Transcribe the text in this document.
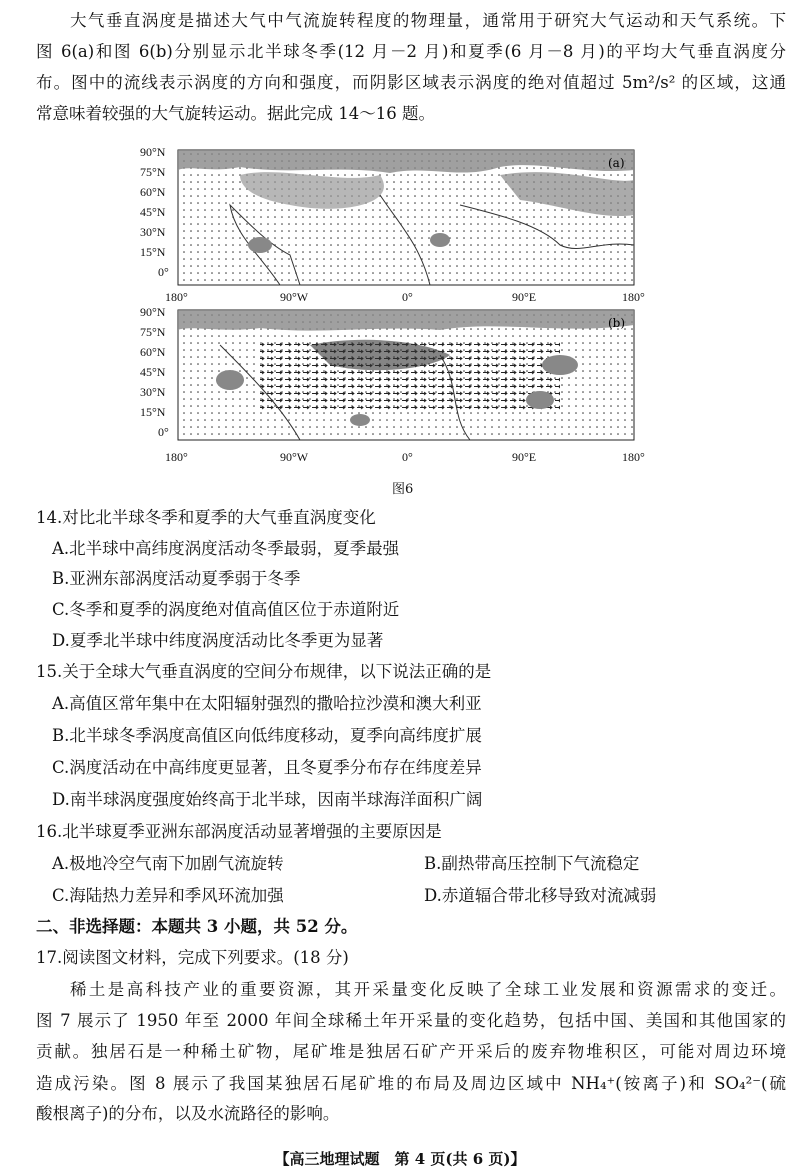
大气垂直涡度是描述大气中气流旋转程度的物理量，通常用于研究大气运动和天气系统。下
图 6(a)和图 6(b)分别显示北半球冬季(12 月－2 月)和夏季(6 月－8 月)的平均大气垂直涡度分
布。图中的流线表示涡度的方向和强度，而阴影区域表示涡度的绝对值超过 5m²/s² 的区域，这通
常意味着较强的大气旋转运动。据此完成 14～16 题。
(a)
(b)
90°N
75°N
60°N
45°N
30°N
15°N
0°
180°	90°W	0°	90°E	180°
90°N
75°N
60°N
45°N
30°N
15°N
0°
180°	90°W	0°	90°E	180°
图6
14.对比北半球冬季和夏季的大气垂直涡度变化
A.北半球中高纬度涡度活动冬季最弱，夏季最强
B.亚洲东部涡度活动夏季弱于冬季
C.冬季和夏季的涡度绝对值高值区位于赤道附近
D.夏季北半球中纬度涡度活动比冬季更为显著
15.关于全球大气垂直涡度的空间分布规律，以下说法正确的是
A.高值区常年集中在太阳辐射强烈的撒哈拉沙漠和澳大利亚
B.北半球冬季涡度高值区向低纬度移动，夏季向高纬度扩展
C.涡度活动在中高纬度更显著，且冬夏季分布存在纬度差异
D.南半球涡度强度始终高于北半球，因南半球海洋面积广阔
16.北半球夏季亚洲东部涡度活动显著增强的主要原因是
A.极地冷空气南下加剧气流旋转	B.副热带高压控制下气流稳定
C.海陆热力差异和季风环流加强	D.赤道辐合带北移导致对流减弱
二、非选择题：本题共 3 小题，共 52 分。
17.阅读图文材料，完成下列要求。(18 分)
稀土是高科技产业的重要资源，其开采量变化反映了全球工业发展和资源需求的变迁。
图 7 展示了 1950 年至 2000 年间全球稀土年开采量的变化趋势，包括中国、美国和其他国家的
贡献。独居石是一种稀土矿物，尾矿堆是独居石矿产开采后的废弃物堆积区，可能对周边环境
造成污染。图 8 展示了我国某独居石尾矿堆的布局及周边区域中 NH₄⁺(铵离子)和 SO₄²⁻(硫
酸根离子)的分布，以及水流路径的影响。
【高三地理试题　第 4 页(共 6 页)】
